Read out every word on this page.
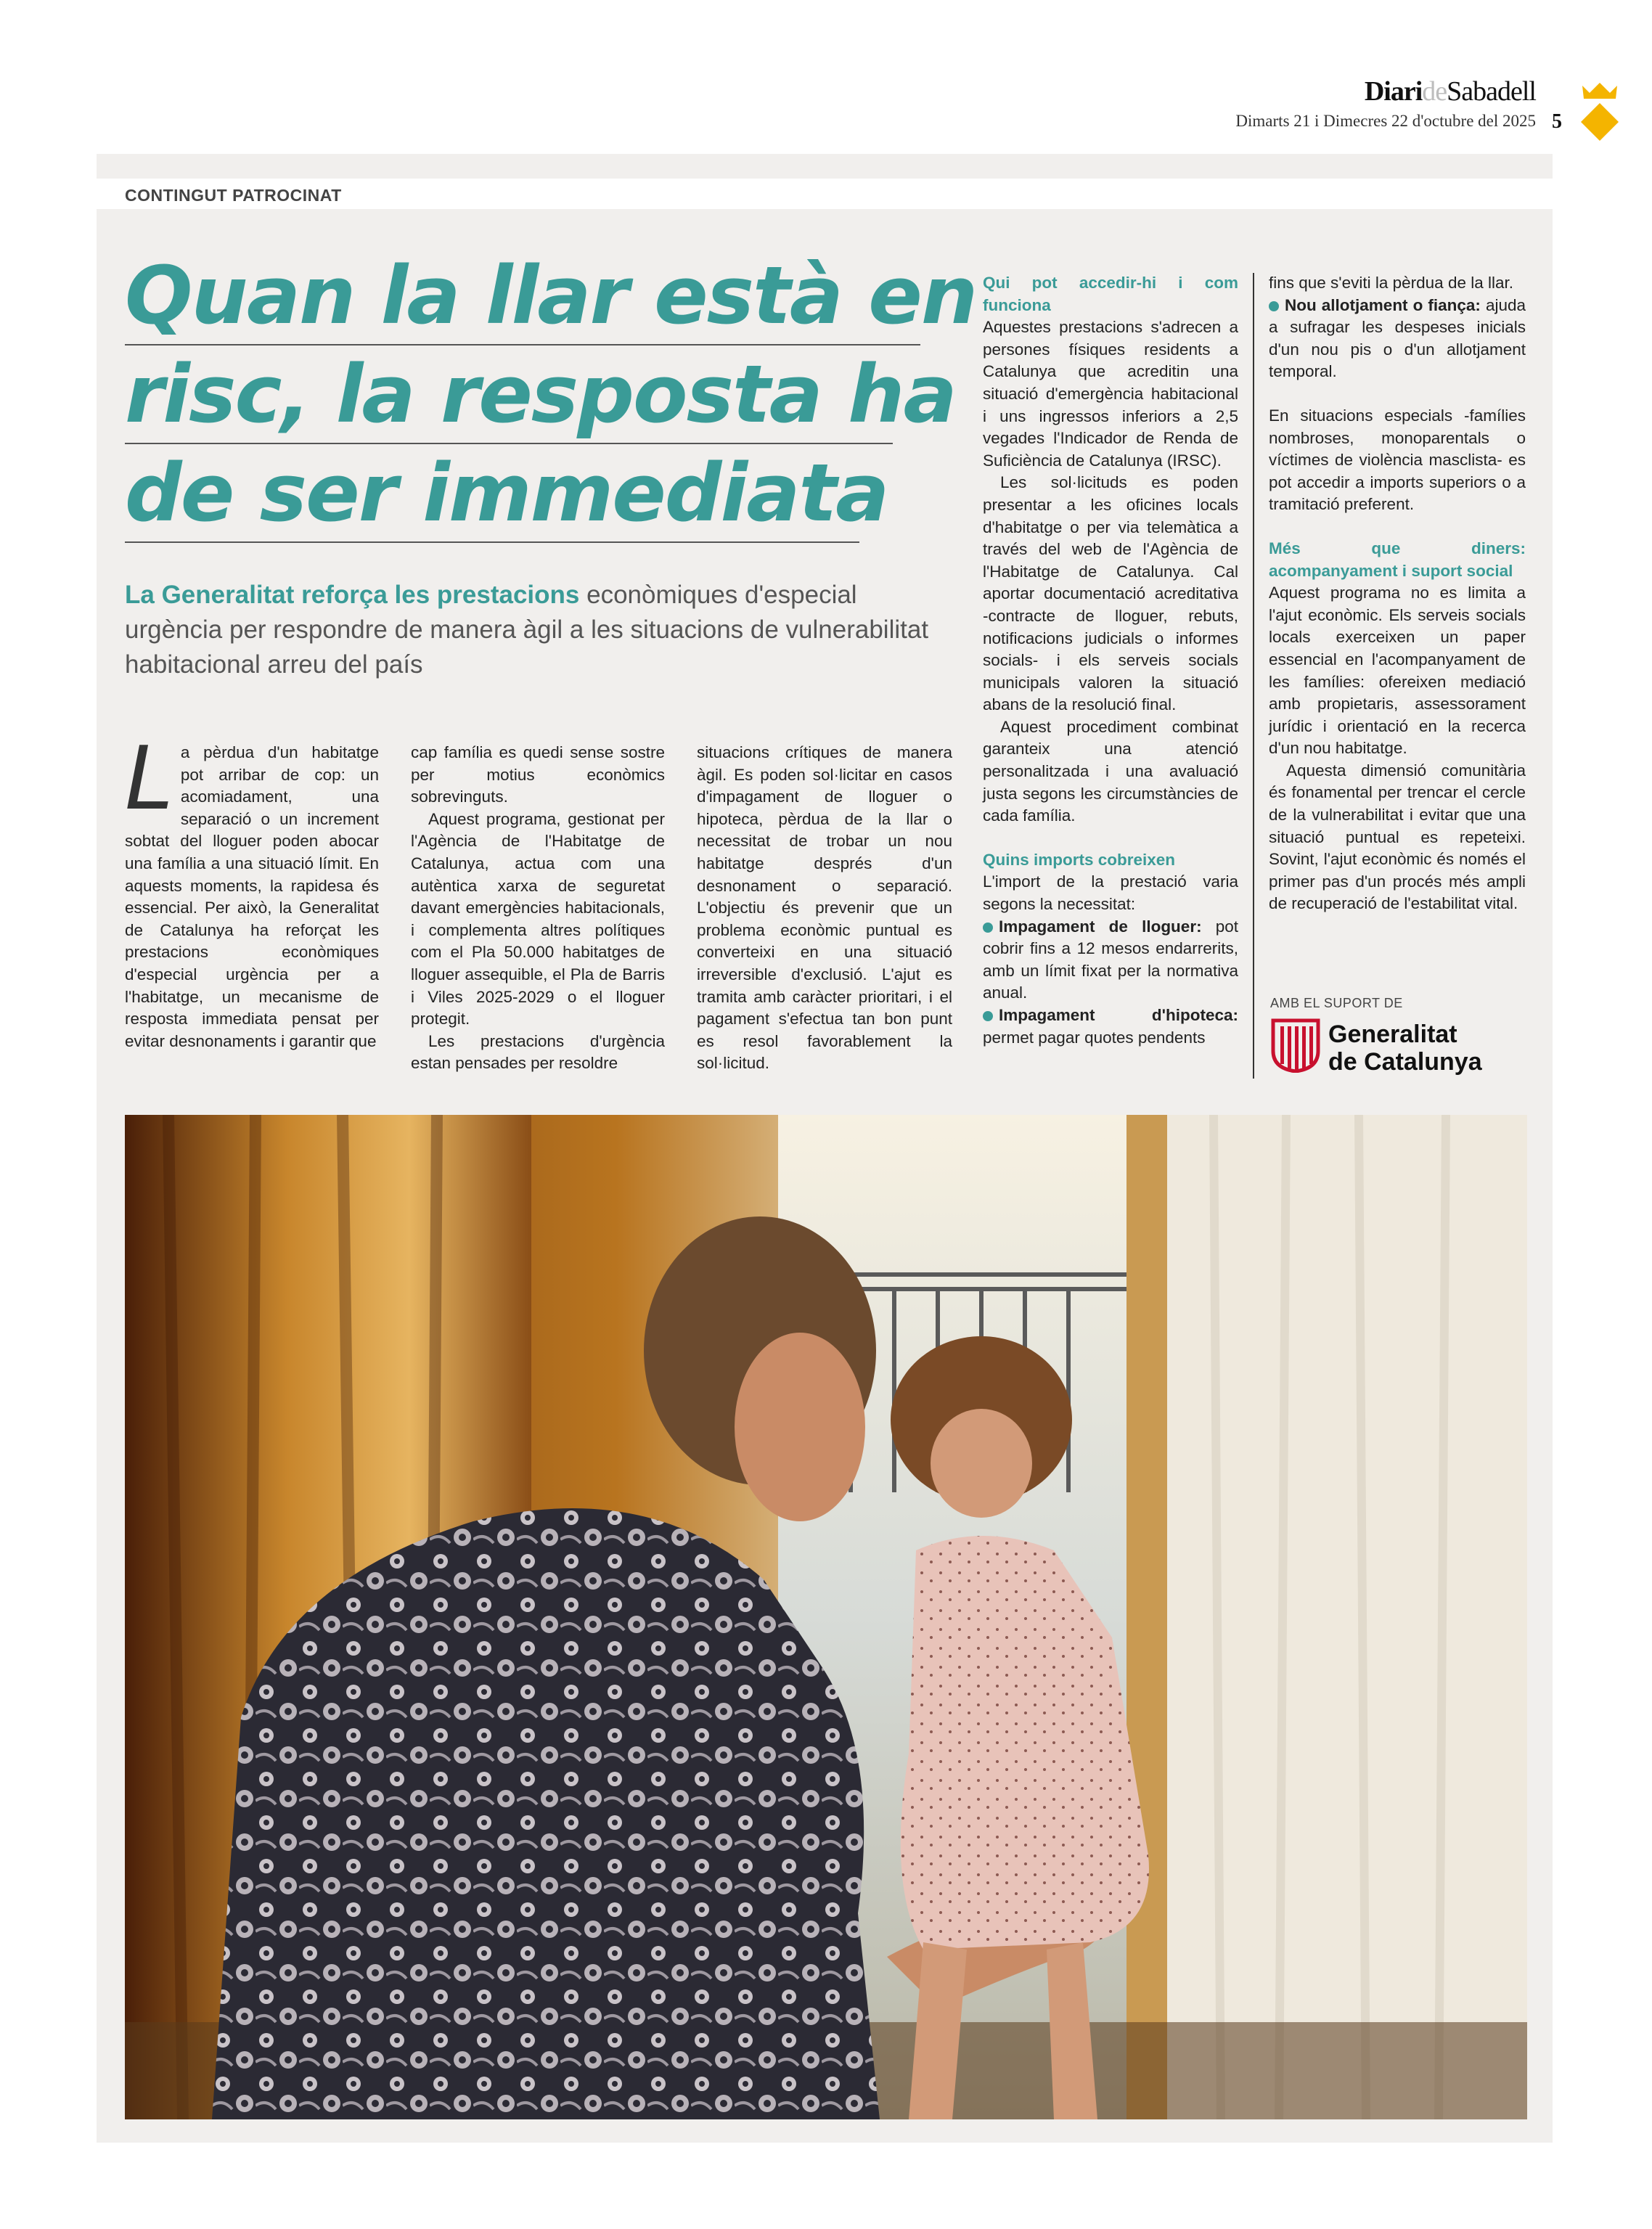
DiarideSabadell
Dimarts 21 i Dimecres 22 d'octubre del 2025 5
CONTINGUT PATROCINAT
Quan la llar està en
risc, la resposta ha
de ser immediata
La Generalitat reforça les prestacions econòmiques d'especial urgència per respondre de manera àgil a les situacions de vulnerabilitat habitacional arreu del país
L a pèrdua d'un habitatge pot arribar de cop: un acomiadament, una separació o un increment sobtat del lloguer poden abocar una família a una situació límit. En aquests moments, la rapidesa és essencial. Per això, la Generalitat de Catalunya ha reforçat les prestacions econòmiques d'especial urgència per a l'habitatge, un mecanisme de resposta immediata pensat per evitar desnonaments i garantir que

cap família es quedi sense sostre per motius econòmics sobrevinguts.

Aquest programa, gestionat per l'Agència de l'Habitatge de Catalunya, actua com una autèntica xarxa de seguretat davant emergències habitacionals, i complementa altres polítiques com el Pla 50.000 habitatges de lloguer assequible, el Pla de Barris i Viles 2025-2029 o el lloguer protegit.

Les prestacions d'urgència estan pensades per resoldre

situacions crítiques de manera àgil. Es poden sol·licitar en casos d'impagament de lloguer o hipoteca, pèrdua de la llar o necessitat de trobar un nou habitatge després d'un desnonament o separació. L'objectiu és prevenir que un problema econòmic puntual es converteixi en una situació irreversible d'exclusió. L'ajut es tramita amb caràcter prioritari, i el pagament s'efectua tan bon punt es resol favorablement la sol·licitud.

Qui pot accedir-hi i com funciona

Aquestes prestacions s'adrecen a persones físiques residents a Catalunya que acreditin una situació d'emergència habitacional i uns ingressos inferiors a 2,5 vegades l'Indicador de Renda de Suficiència de Catalunya (IRSC).

Les sol·licituds es poden presentar a les oficines locals d'habitatge o per via telemàtica a través del web de l'Agència de l'Habitatge de Catalunya. Cal aportar documentació acreditativa -contracte de lloguer, rebuts, notificacions judicials o informes socials- i els serveis socials municipals valoren la situació abans de la resolució final.

Aquest procediment combinat garanteix una atenció personalitzada i una avaluació justa segons les circumstàncies de cada família.

Quins imports cobreixen

L'import de la prestació varia segons la necessitat:

Impagament de lloguer: pot cobrir fins a 12 mesos endarrerits, amb un límit fixat per la normativa anual.

Impagament d'hipoteca: permet pagar quotes pendents

fins que s'eviti la pèrdua de la llar.

Nou allotjament o fiança: ajuda a sufragar les despeses inicials d'un nou pis o d'un allotjament temporal.

En situacions especials -famílies nombroses, monoparentals o víctimes de violència masclista- es pot accedir a imports superiors o a tramitació preferent.

Més que diners: acompanyament i suport social

Aquest programa no es limita a l'ajut econòmic. Els serveis socials locals exerceixen un paper essencial en l'acompanyament de les famílies: ofereixen mediació amb propietaris, assessorament jurídic i orientació en la recerca d'un nou habitatge.

Aquesta dimensió comunitària és fonamental per trencar el cercle de la vulnerabilitat i evitar que una situació puntual es repeteixi. Sovint, l'ajut econòmic és només el primer pas d'un procés més ampli de recuperació de l'estabilitat vital.

AMB EL SUPORT DE
Generalitat
de Catalunya
